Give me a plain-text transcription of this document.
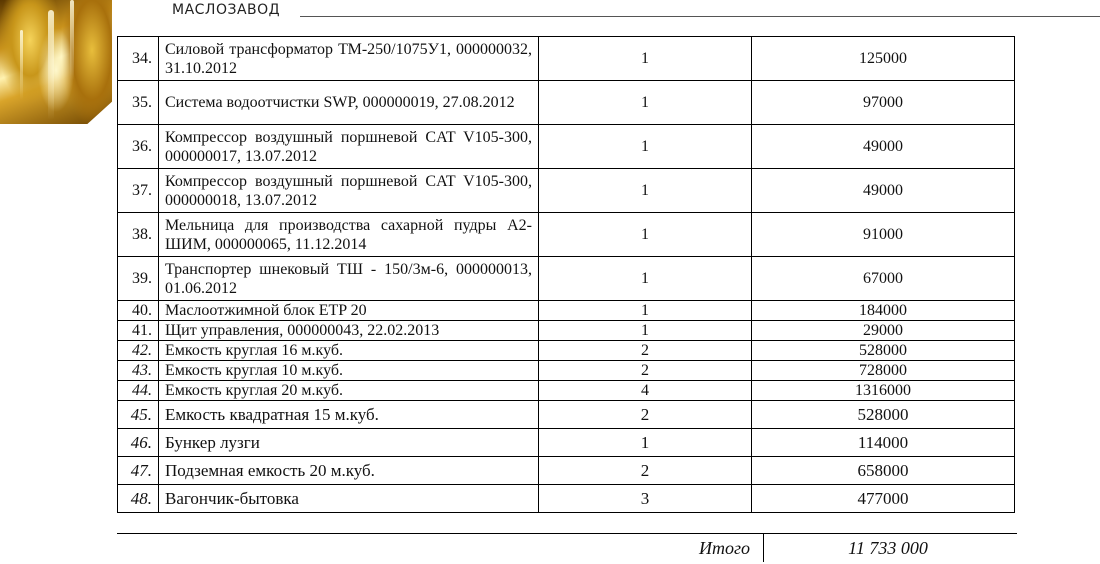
МАСЛОЗАВОД
34.	Силовой трансформатор ТМ-250/1075У1, 000000032, 31.10.2012	1	125000
35.	Система водоотчистки SWP, 000000019, 27.08.2012	1	97000
36.	Компрессор воздушный поршневой CAT V105-300, 000000017, 13.07.2012	1	49000
37.	Компрессор воздушный поршневой CAT V105-300, 000000018, 13.07.2012	1	49000
38.	Мельница для производства сахарной пудры А2-ШИМ, 000000065, 11.12.2014	1	91000
39.	Транспортер шнековый ТШ - 150/3м-6, 000000013, 01.06.2012	1	67000
40.	Маслоотжимной блок ETP 20	1	184000
41.	Щит управления, 000000043, 22.02.2013	1	29000
42.	Емкость круглая 16 м.куб.	2	528000
43.	Емкость круглая 10 м.куб.	2	728000
44.	Емкость круглая 20 м.куб.	4	1316000
45.	Емкость квадратная 15 м.куб.	2	528000
46.	Бункер лузги	1	114000
47.	Подземная емкость 20 м.куб.	2	658000
48.	Вагончик-бытовка	3	477000
Итого	11 733 000
